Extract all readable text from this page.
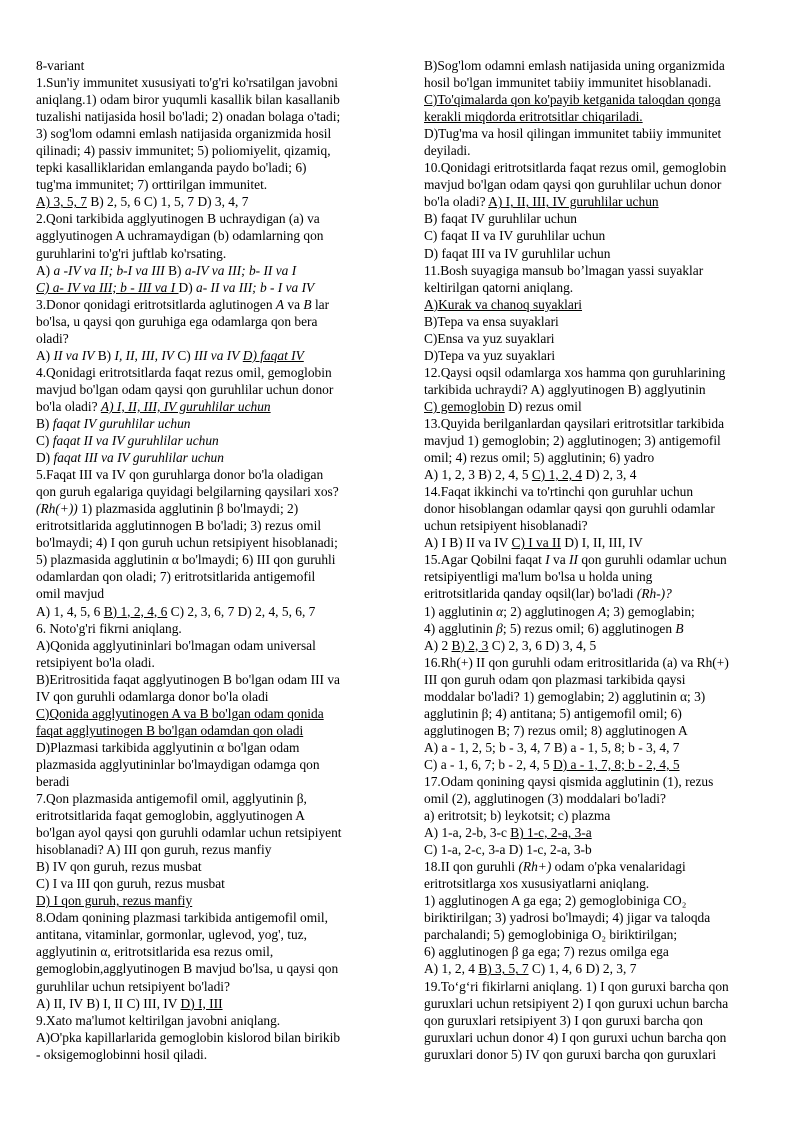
8-variant
1.Sun'iy immunitet xususiyati to'g'ri ko'rsatilgan javobni
aniqlang.1) odam biror yuqumli kasallik bilan kasallanib
tuzalishi natijasida hosil bo'ladi; 2) onadan bolaga o'tadi;
3) sog'lom odamni emlash natijasida organizmida hosil
qilinadi; 4) passiv immunitet; 5) poliomiyelit, qizamiq,
tepki kasalliklaridan emlanganda paydo bo'ladi; 6)
tug'ma immunitet; 7) orttirilgan immunitet.
A) 3, 5, 7 B) 2, 5, 6 C) 1, 5, 7 D) 3, 4, 7
2.Qoni tarkibida agglyutinogen B uchraydigan (a) va
agglyutinogen A uchramaydigan (b) odamlarning qon
guruhlarini to'g'ri juftlab ko'rsating.
A) a -IV va II; b-I va III B) a-IV va III; b- II va I
C) a- IV va III; b - III va I D) a- II va III; b - I va IV
3.Donor qonidagi eritrotsitlarda aglutinogen A va B lar
bo'lsa, u qaysi qon guruhiga ega odamlarga qon bera
oladi?
A) II va IV B) I, II, III, IV C) III va IV D) faqat IV
4.Qonidagi eritrotsitlarda faqat rezus omil, gemoglobin
mavjud bo'lgan odam qaysi qon guruhlilar uchun donor
bo'la oladi? A) I, II, III, IV guruhlilar uchun
B) faqat IV guruhlilar uchun
C) faqat II va IV guruhlilar uchun
D) faqat III va IV guruhlilar uchun
5.Faqat III va IV qon guruhlarga donor bo'la oladigan
qon guruh egalariga quyidagi belgilarning qaysilari xos?
(Rh(+)) 1) plazmasida agglutinin β bo'lmaydi; 2)
eritrotsitlarida agglutinnogen B bo'ladi; 3) rezus omil
bo'lmaydi; 4) I qon guruh uchun retsipiyent hisoblanadi;
5) plazmasida agglutinin α bo'lmaydi; 6) III qon guruhli
odamlardan qon oladi; 7) eritrotsitlarida antigemofil
omil mavjud
A) 1, 4, 5, 6 B) 1, 2, 4, 6 C) 2, 3, 6, 7 D) 2, 4, 5, 6, 7
6. Noto'g'ri fikrni aniqlang.
A)Qonida agglyutininlari bo'lmagan odam universal
retsipiyent bo'la oladi.
B)Eritrositida faqat agglyutinogen B bo'lgan odam III va
IV qon guruhli odamlarga donor bo'la oladi
C)Qonida agglyutinogen A va B bo'lgan odam qonida
faqat agglyutinogen B bo'lgan odamdan qon oladi
D)Plazmasi tarkibida agglyutinin α bo'lgan odam
plazmasida agglyutininlar bo'lmaydigan odamga qon
beradi
7.Qon plazmasida antigemofil omil, agglyutinin β,
eritrotsitlarida faqat gemoglobin, agglyutinogen A
bo'lgan ayol qaysi qon guruhli odamlar uchun retsipiyent
hisoblanadi? A) III qon guruh, rezus manfiy
B) IV qon guruh, rezus musbat
C) I va III qon guruh, rezus musbat
D) I qon guruh, rezus manfiy
8.Odam qonining plazmasi tarkibida antigemofil omil,
antitana, vitaminlar, gormonlar, uglevod, yog', tuz,
agglyutinin α, eritrotsitlarida esa rezus omil,
gemoglobin,agglyutinogen B mavjud bo'lsa, u qaysi qon
guruhlilar uchun retsipiyent bo'ladi?
A) II, IV B) I, II C) III, IV D) I, III
9.Xato ma'lumot keltirilgan javobni aniqlang.
A)O'pka kapillarlarida gemoglobin kislorod bilan birikib
- oksigemoglobinni hosil qiladi.
B)Sog'lom odamni emlash natijasida uning organizmida
hosil bo'lgan immunitet tabiiy immunitet hisoblanadi.
C)To'qimalarda qon ko'payib ketganida taloqdan qonga
kerakli miqdorda eritrotsitlar chiqariladi.
D)Tug'ma va hosil qilingan immunitet tabiiy immunitet
deyiladi.
10.Qonidagi eritrotsitlarda faqat rezus omil, gemoglobin
mavjud bo'lgan odam qaysi qon guruhlilar uchun donor
bo'la oladi? A) I, II, III, IV guruhlilar uchun
B) faqat IV guruhlilar uchun
C) faqat II va IV guruhlilar uchun
D) faqat III va IV guruhlilar uchun
11.Bosh suyagiga mansub bo’lmagan yassi suyaklar
keltirilgan qatorni aniqlang.
A)Kurak va chanoq suyaklari
B)Tepa va ensa suyaklari
C)Ensa va yuz suyaklari
D)Tepa va yuz suyaklari
12.Qaysi oqsil odamlarga xos hamma qon guruhlarining
tarkibida uchraydi? A) agglyutinogen B) agglyutinin
C) gemoglobin D) rezus omil
13.Quyida berilganlardan qaysilari eritrotsitlar tarkibida
mavjud 1) gemoglobin; 2) agglutinogen; 3) antigemofil
omil; 4) rezus omil; 5) agglutinin; 6) yadro
A) 1, 2, 3 B) 2, 4, 5 C) 1, 2, 4 D) 2, 3, 4
14.Faqat ikkinchi va to'rtinchi qon guruhlar uchun
donor hisoblangan odamlar qaysi qon guruhli odamlar
uchun retsipiyent hisoblanadi?
A) I B) II va IV C) I va II D) I, II, III, IV
15.Agar Qobilni faqat I va II qon guruhli odamlar uchun
retsipiyentligi ma'lum bo'lsa u holda uning
eritrotsitlarida qanday oqsil(lar) bo'ladi (Rh-)?
1) agglutinin α; 2) agglutinogen A; 3) gemoglabin;
4) agglutinin β; 5) rezus omil; 6) agglutinogen B
A) 2 B) 2, 3 C) 2, 3, 6 D) 3, 4, 5
16.Rh(+) II qon guruhli odam eritrositlarida (a) va Rh(+)
III qon guruh odam qon plazmasi tarkibida qaysi
moddalar bo'ladi? 1) gemoglabin; 2) agglutinin α; 3)
agglutinin β; 4) antitana; 5) antigemofil omil; 6)
agglutinogen B; 7) rezus omil; 8) agglutinogen A
A) a - 1, 2, 5; b - 3, 4, 7 B) a - 1, 5, 8; b - 3, 4, 7
C) a - 1, 6, 7; b - 2, 4, 5 D) a - 1, 7, 8; b - 2, 4, 5
17.Odam qonining qaysi qismida agglutinin (1), rezus
omil (2), agglutinogen (3) moddalari bo'ladi?
a) eritrotsit; b) leykotsit; c) plazma
A) 1-a, 2-b, 3-c B) 1-c, 2-a, 3-a
C) 1-a, 2-c, 3-a D) 1-c, 2-a, 3-b
18.II qon guruhli (Rh+) odam o'pka venalaridagi
eritrotsitlarga xos xususiyatlarni aniqlang.
1) agglutinogen A ga ega; 2) gemoglobiniga CO₂
biriktirilgan; 3) yadrosi bo'lmaydi; 4) jigar va taloqda
parchalandi; 5) gemoglobiniga O₂ biriktirilgan;
6) agglutinogen β ga ega; 7) rezus omilga ega
A) 1, 2, 4 B) 3, 5, 7 C) 1, 4, 6 D) 2, 3, 7
19.To‘g‘ri fikirlarni aniqlang. 1) I qon guruxi barcha qon
guruxlari uchun retsipiyent 2) I qon guruxi uchun barcha
qon guruxlari retsipiyent 3) I qon guruxi barcha qon
guruxlari uchun donor 4) I qon guruxi uchun barcha qon
guruxlari donor 5) IV qon guruxi barcha qon guruxlari
